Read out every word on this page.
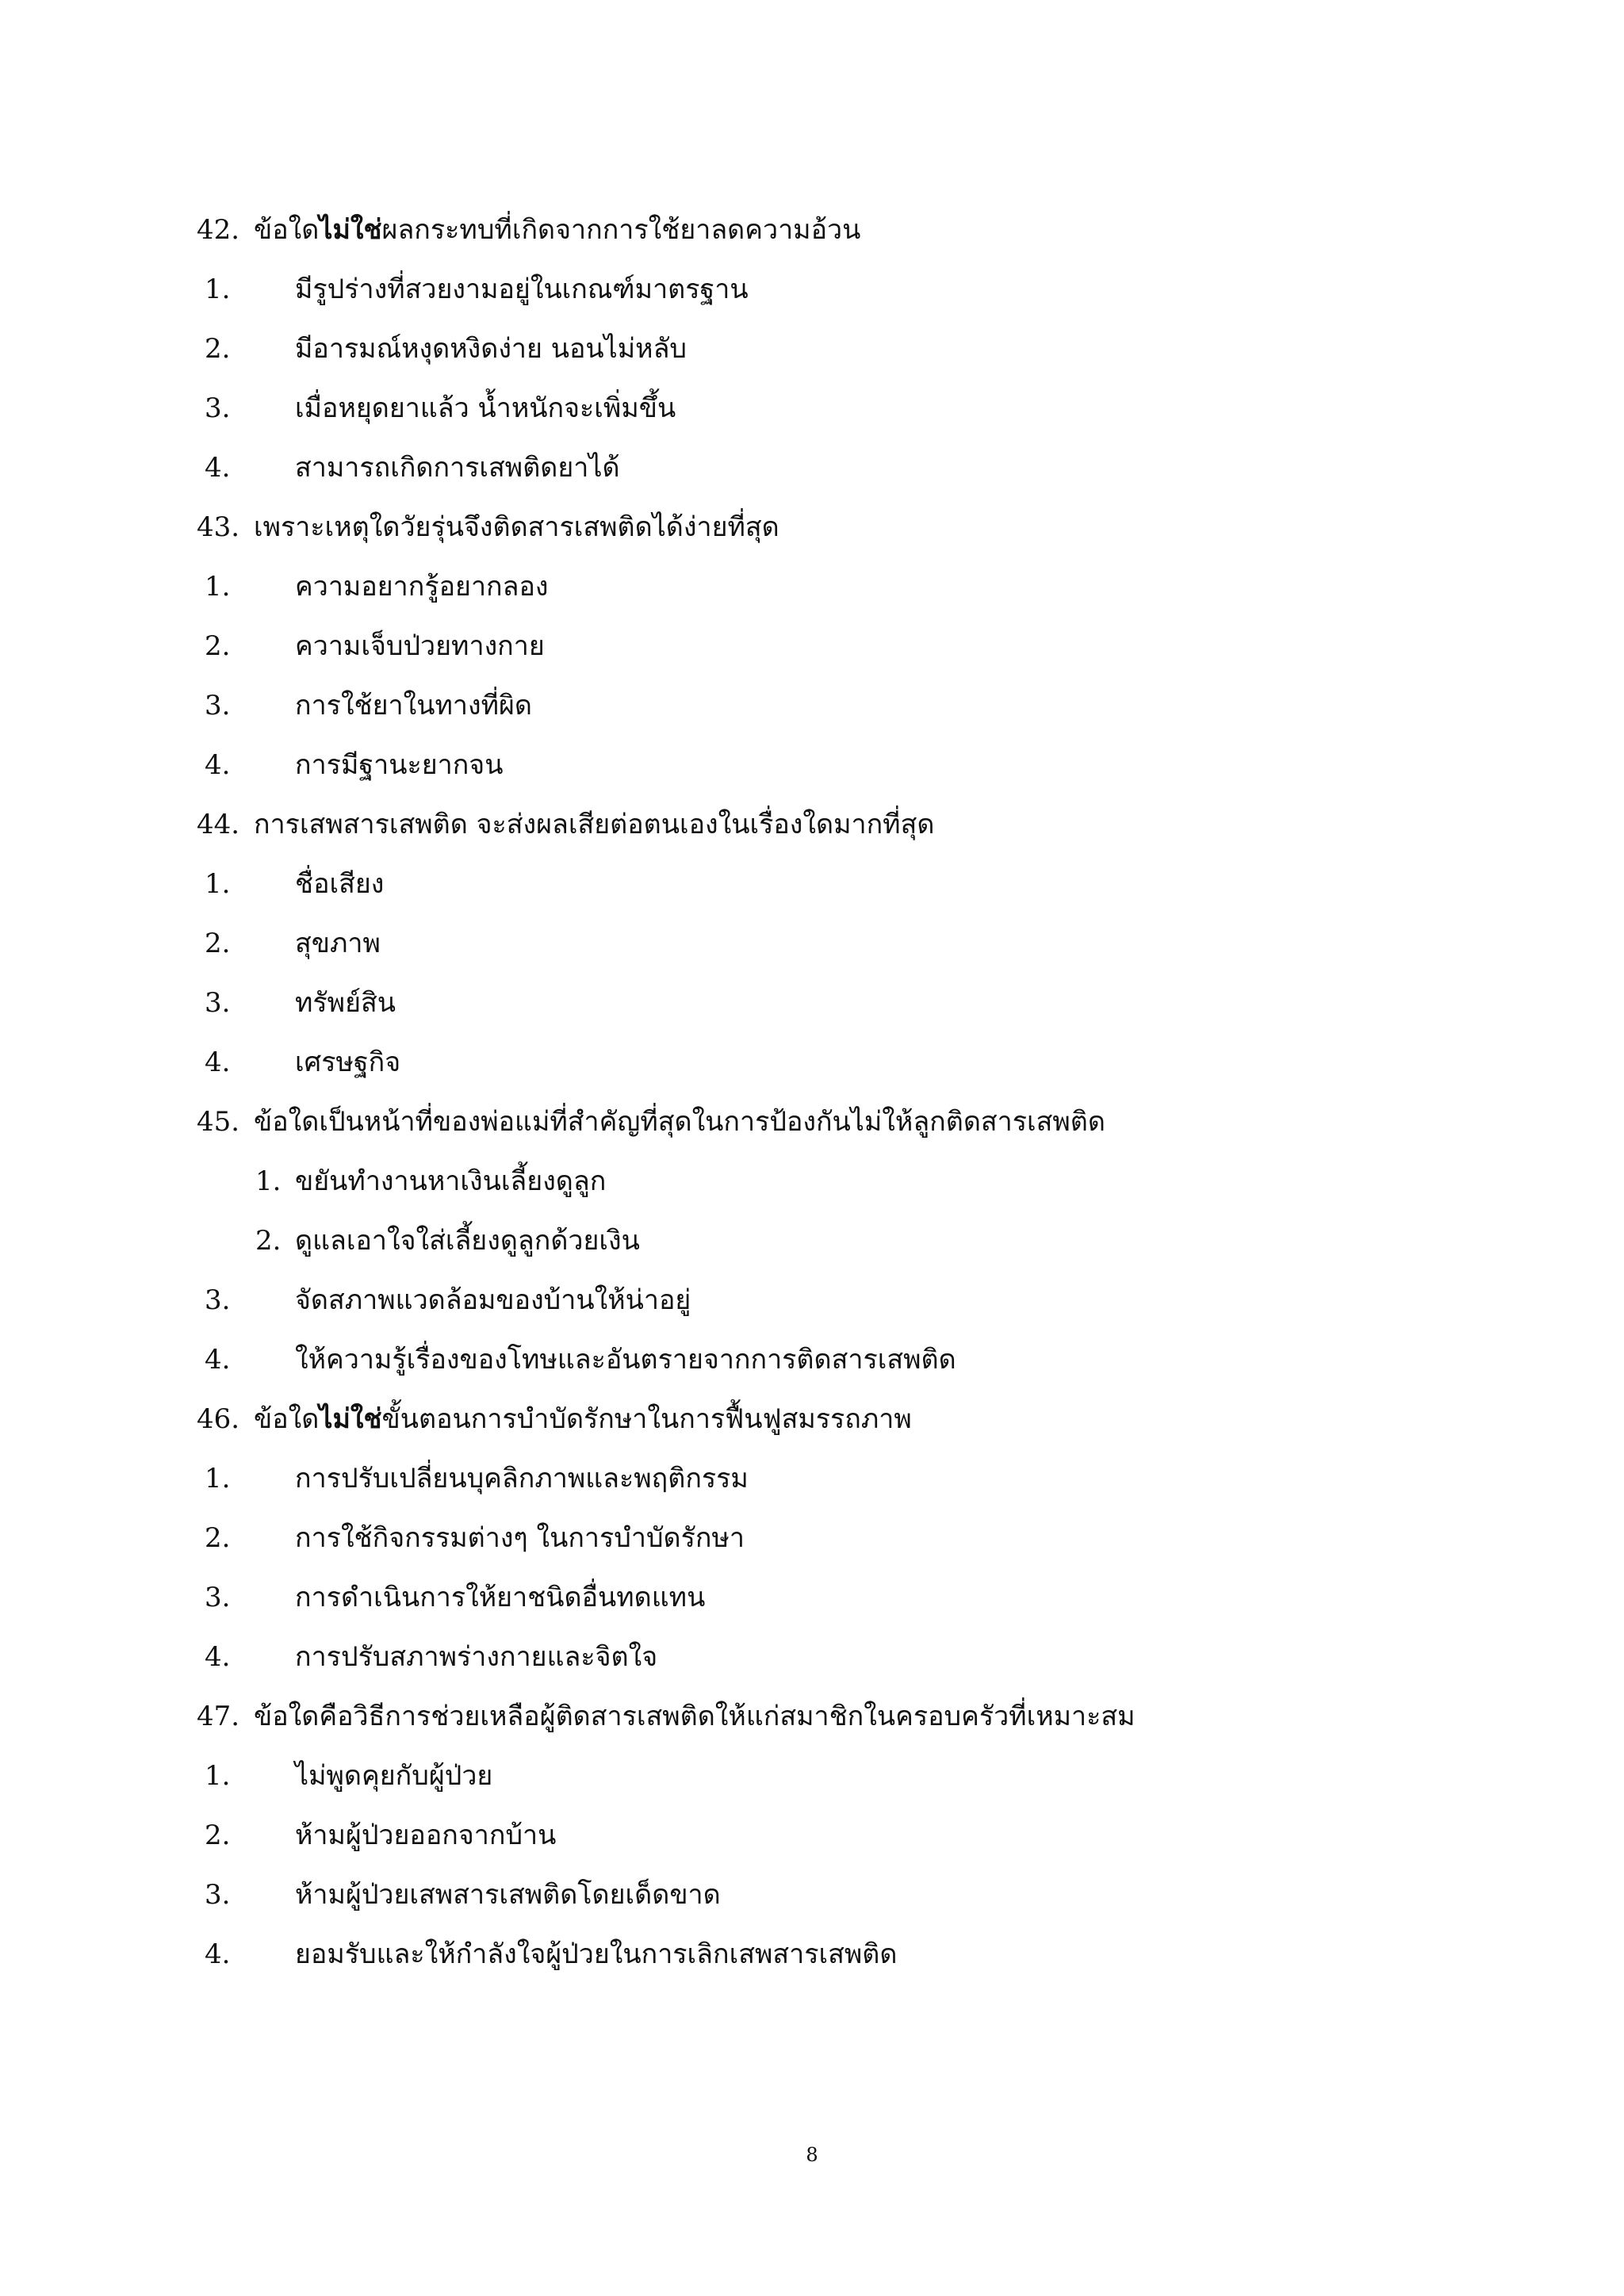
42. ข้อใดไม่ใช่ผลกระทบที่เกิดจากการใช้ยาลดความอ้วน
1. มีรูปร่างที่สวยงามอยู่ในเกณฑ์มาตรฐาน
2. มีอารมณ์หงุดหงิดง่าย นอนไม่หลับ
3. เมื่อหยุดยาแล้ว น้ำหนักจะเพิ่มขึ้น
4. สามารถเกิดการเสพติดยาได้
43. เพราะเหตุใดวัยรุ่นจึงติดสารเสพติดได้ง่ายที่สุด
1. ความอยากรู้อยากลอง
2. ความเจ็บป่วยทางกาย
3. การใช้ยาในทางที่ผิด
4. การมีฐานะยากจน
44. การเสพสารเสพติด จะส่งผลเสียต่อตนเองในเรื่องใดมากที่สุด
1. ชื่อเสียง
2. สุขภาพ
3. ทรัพย์สิน
4. เศรษฐกิจ
45. ข้อใดเป็นหน้าที่ของพ่อแม่ที่สำคัญที่สุดในการป้องกันไม่ให้ลูกติดสารเสพติด
1. ขยันทำงานหาเงินเลี้ยงดูลูก
2. ดูแลเอาใจใส่เลี้ยงดูลูกด้วยเงิน
3. จัดสภาพแวดล้อมของบ้านให้น่าอยู่
4. ให้ความรู้เรื่องของโทษและอันตรายจากการติดสารเสพติด
46. ข้อใดไม่ใช่ขั้นตอนการบำบัดรักษาในการฟื้นฟูสมรรถภาพ
1. การปรับเปลี่ยนบุคลิกภาพและพฤติกรรม
2. การใช้กิจกรรมต่างๆ ในการบำบัดรักษา
3. การดำเนินการให้ยาชนิดอื่นทดแทน
4. การปรับสภาพร่างกายและจิตใจ
47. ข้อใดคือวิธีการช่วยเหลือผู้ติดสารเสพติดให้แก่สมาชิกในครอบครัวที่เหมาะสม
1. ไม่พูดคุยกับผู้ป่วย
2. ห้ามผู้ป่วยออกจากบ้าน
3. ห้ามผู้ป่วยเสพสารเสพติดโดยเด็ดขาด
4. ยอมรับและให้กำลังใจผู้ป่วยในการเลิกเสพสารเสพติด
8
